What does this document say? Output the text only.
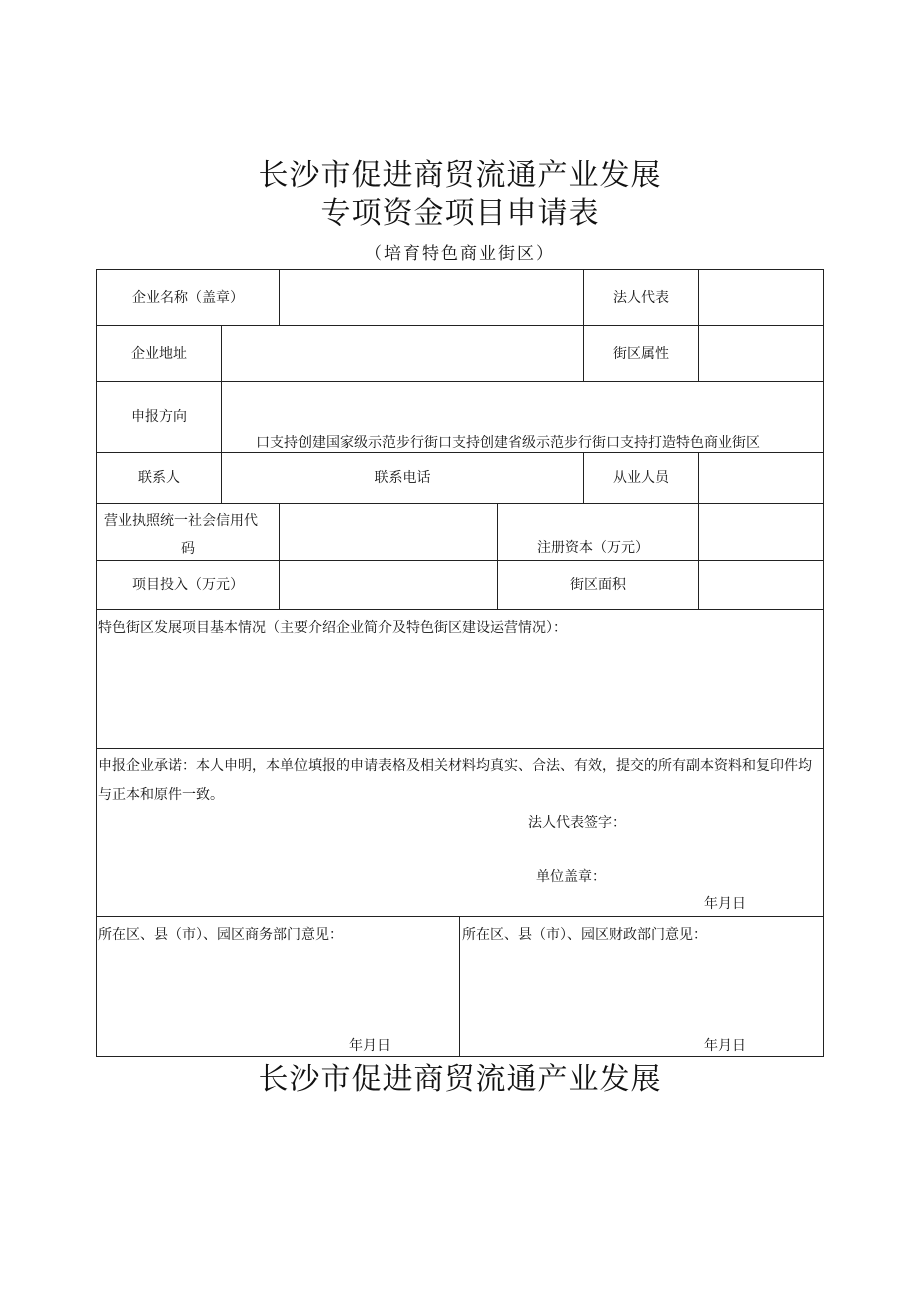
长沙市促进商贸流通产业发展
专项资金项目申请表
（培育特色商业街区）
企业名称（盖章）	法人代表
企业地址	街区属性
申报方向
口支持创建国家级示范步行街口支持创建省级示范步行街口支持打造特色商业街区
联系人	联系电话	从业人员
营业执照统一社会信用代
码	注册资本（万元）
项目投入（万元）	街区面积
特色街区发展项目基本情况（主要介绍企业简介及特色街区建设运营情况）：
申报企业承诺：本人申明，本单位填报的申请表格及相关材料均真实、合法、有效，提交的所有副本资料和复印件均与正本和原件一致。
法人代表签字：
单位盖章：
年月日
所在区、县（市）、园区商务部门意见：
年月日
所在区、县（市）、园区财政部门意见：
年月日
长沙市促进商贸流通产业发展
